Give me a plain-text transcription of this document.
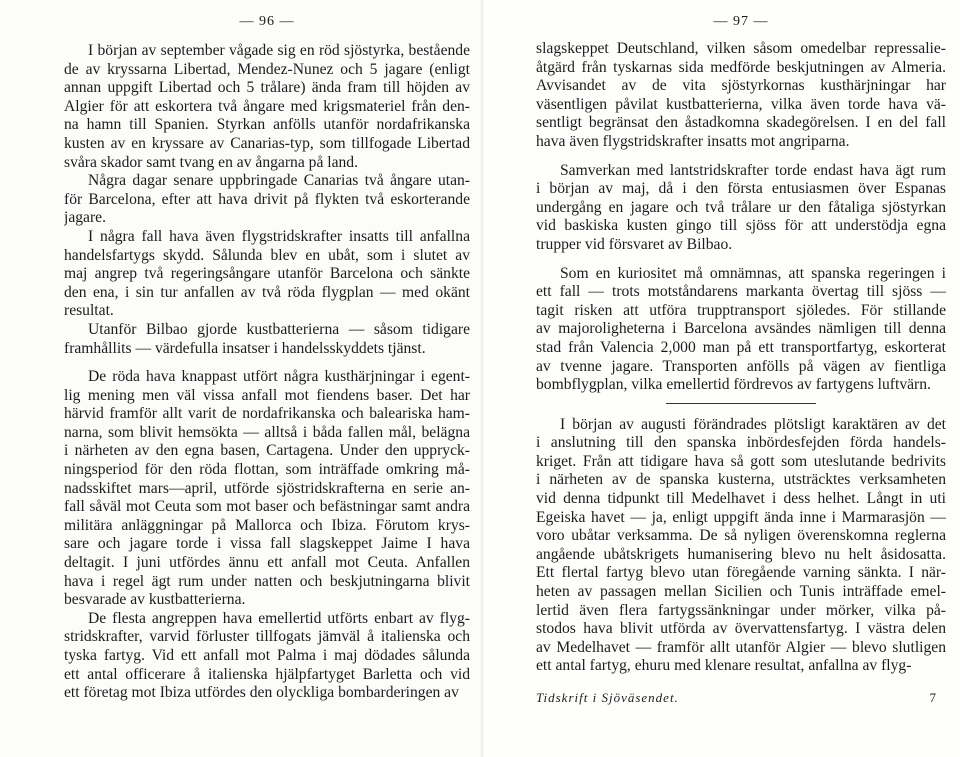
— 96 —
I början av september vågade sig en röd sjöstyrka, bestående
de av kryssarna Libertad, Mendez-Nunez och 5 jagare (enligt
annan uppgift Libertad och 5 trålare) ända fram till höjden av
Algier för att eskortera två ångare med krigsmateriel från den-
na hamn till Spanien. Styrkan anfölls utanför nordafrikanska
kusten av en kryssare av Canarias-typ, som tillfogade Libertad
svåra skador samt tvang en av ångarna på land.
Några dagar senare uppbringade Canarias två ångare utan-
för Barcelona, efter att hava drivit på flykten två eskorterande
jagare.
I några fall hava även flygstridskrafter insatts till anfallna
handelsfartygs skydd. Sålunda blev en ubåt, som i slutet av
maj angrep två regeringsångare utanför Barcelona och sänkte
den ena, i sin tur anfallen av två röda flygplan — med okänt
resultat.
Utanför Bilbao gjorde kustbatterierna — såsom tidigare
framhållits — värdefulla insatser i handelsskyddets tjänst.
De röda hava knappast utfört några kusthärjningar i egent-
lig mening men väl vissa anfall mot fiendens baser. Det har
härvid framför allt varit de nordafrikanska och baleariska ham-
narna, som blivit hemsökta — alltså i båda fallen mål, belägna
i närheten av den egna basen, Cartagena. Under den uppryck-
ningsperiod för den röda flottan, som inträffade omkring må-
nadsskiftet mars—april, utförde sjöstridskrafterna en serie an-
fall såväl mot Ceuta som mot baser och befästningar samt andra
militära anläggningar på Mallorca och Ibiza. Förutom krys-
sare och jagare torde i vissa fall slagskeppet Jaime I hava
deltagit. I juni utfördes ännu ett anfall mot Ceuta. Anfallen
hava i regel ägt rum under natten och beskjutningarna blivit
besvarade av kustbatterierna.
De flesta angreppen hava emellertid utförts enbart av flyg-
stridskrafter, varvid förluster tillfogats jämväl å italienska och
tyska fartyg. Vid ett anfall mot Palma i maj dödades sålunda
ett antal officerare å italienska hjälpfartyget Barletta och vid
ett företag mot Ibiza utfördes den olyckliga bombarderingen av
— 97 —
slagskeppet Deutschland, vilken såsom omedelbar repressalie-
åtgärd från tyskarnas sida medförde beskjutningen av Almeria.
Avvisandet av de vita sjöstyrkornas kusthärjningar har
väsentligen påvilat kustbatterierna, vilka även torde hava vä-
sentligt begränsat den åstadkomna skadegörelsen. I en del fall
hava även flygstridskrafter insatts mot angriparna.
Samverkan med lantstridskrafter torde endast hava ägt rum
i början av maj, då i den första entusiasmen över Espanas
undergång en jagare och två trålare ur den fåtaliga sjöstyrkan
vid baskiska kusten gingo till sjöss för att understödja egna
trupper vid försvaret av Bilbao.
Som en kuriositet må omnämnas, att spanska regeringen i
ett fall — trots motståndarens markanta övertag till sjöss —
tagit risken att utföra trupptransport sjöledes. För stillande
av majoroligheterna i Barcelona avsändes nämligen till denna
stad från Valencia 2,000 man på ett transportfartyg, eskorterat
av tvenne jagare. Transporten anfölls på vägen av fientliga
bombflygplan, vilka emellertid fördrevos av fartygens luftvärn.
I början av augusti förändrades plötsligt karaktären av det
i anslutning till den spanska inbördesfejden förda handels-
kriget. Från att tidigare hava så gott som uteslutande bedrivits
i närheten av de spanska kusterna, utsträcktes verksamheten
vid denna tidpunkt till Medelhavet i dess helhet. Långt in uti
Egeiska havet — ja, enligt uppgift ända inne i Marmarasjön —
voro ubåtar verksamma. De så nyligen överenskomna reglerna
angående ubåtskrigets humanisering blevo nu helt åsidosatta.
Ett flertal fartyg blevo utan föregående varning sänkta. I när-
heten av passagen mellan Sicilien och Tunis inträffade emel-
lertid även flera fartygssänkningar under mörker, vilka på-
stodos hava blivit utförda av övervattensfartyg. I västra delen
av Medelhavet — framför allt utanför Algier — blevo slutligen
ett antal fartyg, ehuru med klenare resultat, anfallna av flyg-
Tidskrift i Sjöväsendet.	7
